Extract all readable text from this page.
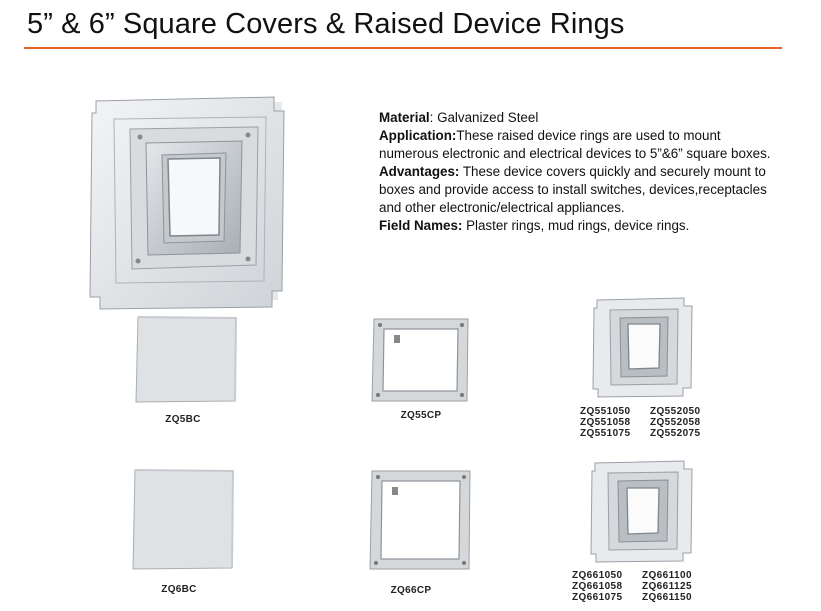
5” & 6” Square Covers & Raised Device Rings

Material: Galvanized Steel

Application:These raised device rings are used to mount numerous electronic and electrical devices to 5”&6” square boxes.

Advantages: These device covers quickly and securely mount to boxes and provide access to install switches, devices,receptacles and other electronic/electrical appliances.

Field Names: Plaster rings, mud rings, device rings.

ZQ5BC	ZQ55CP	ZQ551050 ZQ552050
ZQ551058 ZQ552058
ZQ551075 ZQ552075
ZQ6BC	ZQ66CP
ZQ661050 ZQ661100
ZQ661058 ZQ661125
ZQ661075 ZQ661150
